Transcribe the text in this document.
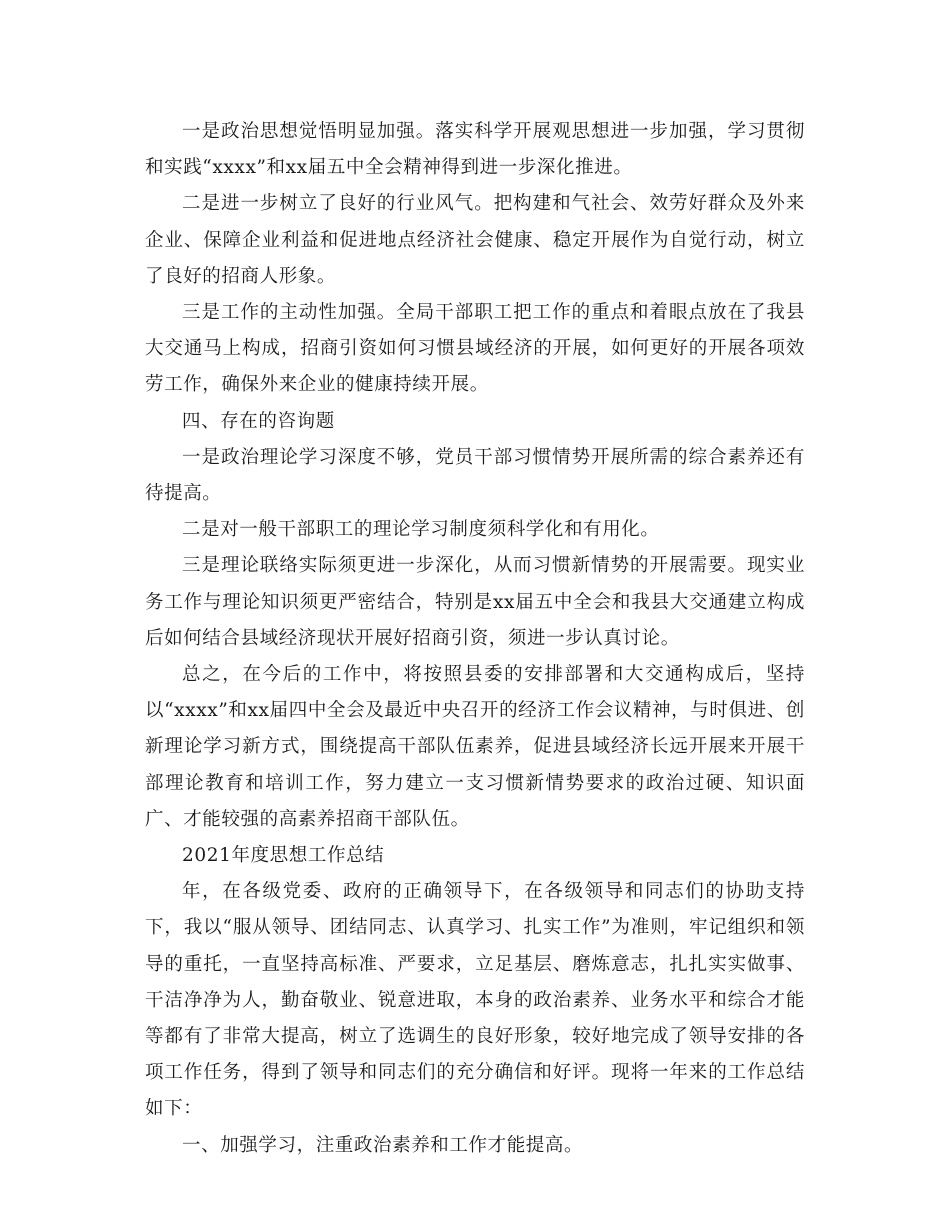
一是政治思想觉悟明显加强。落实科学开展观思想进一步加强，学习贯彻和实践“xxxx”和xx届五中全会精神得到进一步深化推进。

二是进一步树立了良好的行业风气。把构建和气社会、效劳好群众及外来企业、保障企业利益和促进地点经济社会健康、稳定开展作为自觉行动，树立了良好的招商人形象。

三是工作的主动性加强。全局干部职工把工作的重点和着眼点放在了我县大交通马上构成，招商引资如何习惯县域经济的开展，如何更好的开展各项效劳工作，确保外来企业的健康持续开展。

四、存在的咨询题

一是政治理论学习深度不够，党员干部习惯情势开展所需的综合素养还有待提高。

二是对一般干部职工的理论学习制度须科学化和有用化。

三是理论联络实际须更进一步深化，从而习惯新情势的开展需要。现实业务工作与理论知识须更严密结合，特别是xx届五中全会和我县大交通建立构成后如何结合县域经济现状开展好招商引资，须进一步认真讨论。

总之，在今后的工作中，将按照县委的安排部署和大交通构成后，坚持以“xxxx”和xx届四中全会及最近中央召开的经济工作会议精神，与时俱进、创新理论学习新方式，围绕提高干部队伍素养，促进县域经济长远开展来开展干部理论教育和培训工作，努力建立一支习惯新情势要求的政治过硬、知识面广、才能较强的高素养招商干部队伍。

2021年度思想工作总结

年，在各级党委、政府的正确领导下，在各级领导和同志们的协助支持下，我以“服从领导、团结同志、认真学习、扎实工作”为准则，牢记组织和领导的重托，一直坚持高标准、严要求，立足基层、磨炼意志，扎扎实实做事、干洁净净为人，勤奋敬业、锐意进取，本身的政治素养、业务水平和综合才能等都有了非常大提高，树立了选调生的良好形象，较好地完成了领导安排的各项工作任务，得到了领导和同志们的充分确信和好评。现将一年来的工作总结如下：

一、加强学习，注重政治素养和工作才能提高。
